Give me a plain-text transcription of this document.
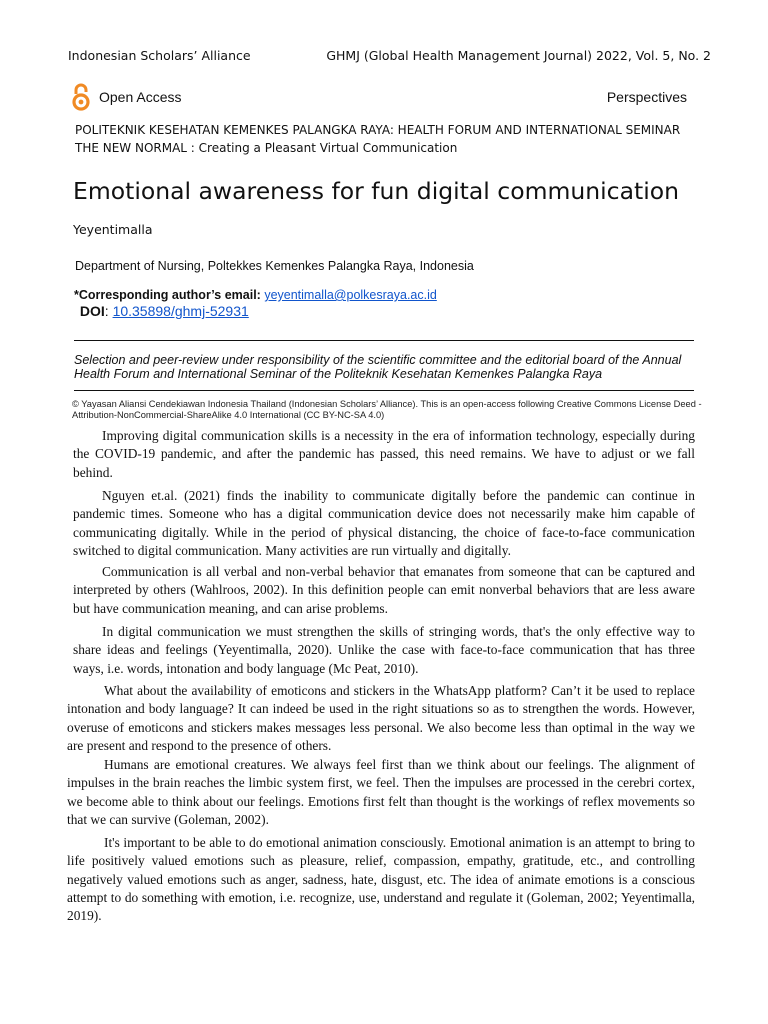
Indonesian Scholars’ Alliance	GHMJ (Global Health Management Journal) 2022, Vol. 5, No. 2
Open Access	Perspectives
POLITEKNIK KESEHATAN KEMENKES PALANGKA RAYA: HEALTH FORUM AND INTERNATIONAL SEMINAR
THE NEW NORMAL : Creating a Pleasant Virtual Communication
Emotional awareness for fun digital communication
Yeyentimalla
Department of Nursing, Poltekkes Kemenkes Palangka Raya, Indonesia
*Corresponding author’s email: yeyentimalla@polkesraya.ac.id
DOI: 10.35898/ghmj-52931
Selection and peer-review under responsibility of the scientific committee and the editorial board of the Annual Health Forum and International Seminar of the Politeknik Kesehatan Kemenkes Palangka Raya
© Yayasan Aliansi Cendekiawan Indonesia Thailand (Indonesian Scholars’ Alliance). This is an open-access following Creative Commons License Deed - Attribution-NonCommercial-ShareAlike 4.0 International (CC BY-NC-SA 4.0)

Improving digital communication skills is a necessity in the era of information technology, especially during the COVID-19 pandemic, and after the pandemic has passed, this need remains. We have to adjust or we fall behind.

Nguyen et.al. (2021) finds the inability to communicate digitally before the pandemic can continue in pandemic times. Someone who has a digital communication device does not necessarily make him capable of communicating digitally. While in the period of physical distancing, the choice of face-to-face communication switched to digital communication. Many activities are run virtually and digitally.

Communication is all verbal and non-verbal behavior that emanates from someone that can be captured and interpreted by others (Wahlroos, 2002). In this definition people can emit nonverbal behaviors that are less aware but have communication meaning, and can arise problems.

In digital communication we must strengthen the skills of stringing words, that's the only effective way to share ideas and feelings (Yeyentimalla, 2020). Unlike the case with face-to-face communication that has three ways, i.e. words, intonation and body language (Mc Peat, 2010).

What about the availability of emoticons and stickers in the WhatsApp platform? Can’t it be used to replace intonation and body language? It can indeed be used in the right situations so as to strengthen the words. However, overuse of emoticons and stickers makes messages less personal. We also become less than optimal in the way we are present and respond to the presence of others.

Humans are emotional creatures. We always feel first than we think about our feelings. The alignment of impulses in the brain reaches the limbic system first, we feel. Then the impulses are processed in the cerebri cortex, we become able to think about our feelings. Emotions first felt than thought is the workings of reflex movements so that we can survive (Goleman, 2002).

It's important to be able to do emotional animation consciously. Emotional animation is an attempt to bring to life positively valued emotions such as pleasure, relief, compassion, empathy, gratitude, etc., and controlling negatively valued emotions such as anger, sadness, hate, disgust, etc. The idea of animate emotions is a conscious attempt to do something with emotion, i.e. recognize, use, understand and regulate it (Goleman, 2002; Yeyentimalla, 2019).
